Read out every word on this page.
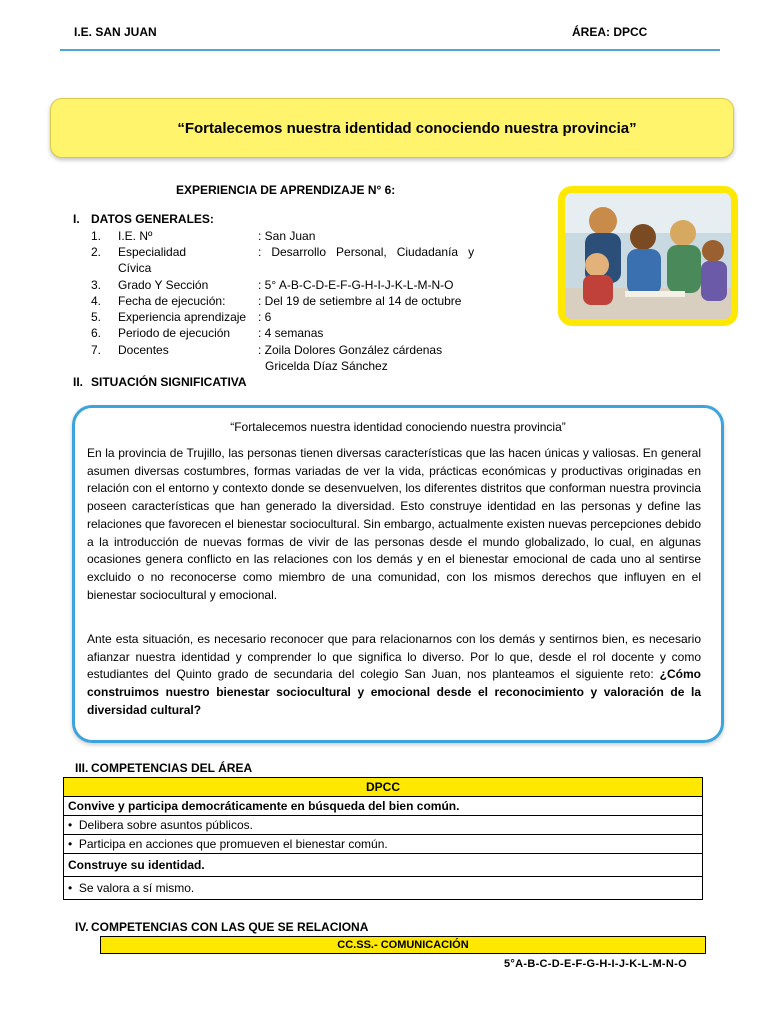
I.E. SAN JUAN	ÁREA: DPCC
“Fortalecemos nuestra identidad conociendo nuestra provincia”
EXPERIENCIA DE APRENDIZAJE N° 6:
I. DATOS GENERALES:
1. I.E. Nº	: San Juan
2. Especialidad	:   Desarrollo   Personal,   Ciudadanía   y
Cívica
3. Grado Y Sección	: 5° A-B-C-D-E-F-G-H-I-J-K-L-M-N-O
4. Fecha de ejecución:	: Del 19 de setiembre al 14 de octubre
5. Experiencia aprendizaje : 6
6. Periodo de ejecución : 4 semanas
7. Docentes	: Zoila Dolores González cárdenas
Gricelda Díaz Sánchez
II. SITUACIÓN SIGNIFICATIVA
“Fortalecemos nuestra identidad conociendo nuestra provincia”
En la provincia de Trujillo, las personas tienen diversas características que las hacen únicas y valiosas. En general asumen diversas costumbres, formas variadas de ver la vida, prácticas económicas y productivas originadas en relación con el entorno y contexto donde se desenvuelven, los diferentes distritos que conforman nuestra provincia poseen características que han generado la diversidad. Esto construye identidad en las personas y define las relaciones que favorecen el bienestar sociocultural. Sin embargo, actualmente existen nuevas percepciones debido a la introducción de nuevas formas de vivir de las personas desde el mundo globalizado, lo cual, en algunas ocasiones genera conflicto en las relaciones con los demás y en el bienestar emocional de cada uno al sentirse excluido o no reconocerse como miembro de una comunidad, con los mismos derechos que influyen en el bienestar sociocultural y emocional.
Ante esta situación, es necesario reconocer que para relacionarnos con los demás y sentirnos bien, es necesario afianzar nuestra identidad y comprender lo que significa lo diverso. Por lo que, desde el rol docente y como estudiantes del Quinto grado de secundaria del colegio San Juan, nos planteamos el siguiente reto: ¿Cómo construimos nuestro bienestar sociocultural y emocional desde el reconocimiento y valoración de la diversidad cultural?
III. COMPETENCIAS DEL ÁREA
DPCC
Convive y participa democráticamente en búsqueda del bien común.
•  Delibera sobre asuntos públicos.
•  Participa en acciones que promueven el bienestar común.
Construye su identidad.
•  Se valora a sí mismo.
IV. COMPETENCIAS CON LAS QUE SE RELACIONA
CC.SS.- COMUNICACIÓN
5°A-B-C-D-E-F-G-H-I-J-K-L-M-N-O
